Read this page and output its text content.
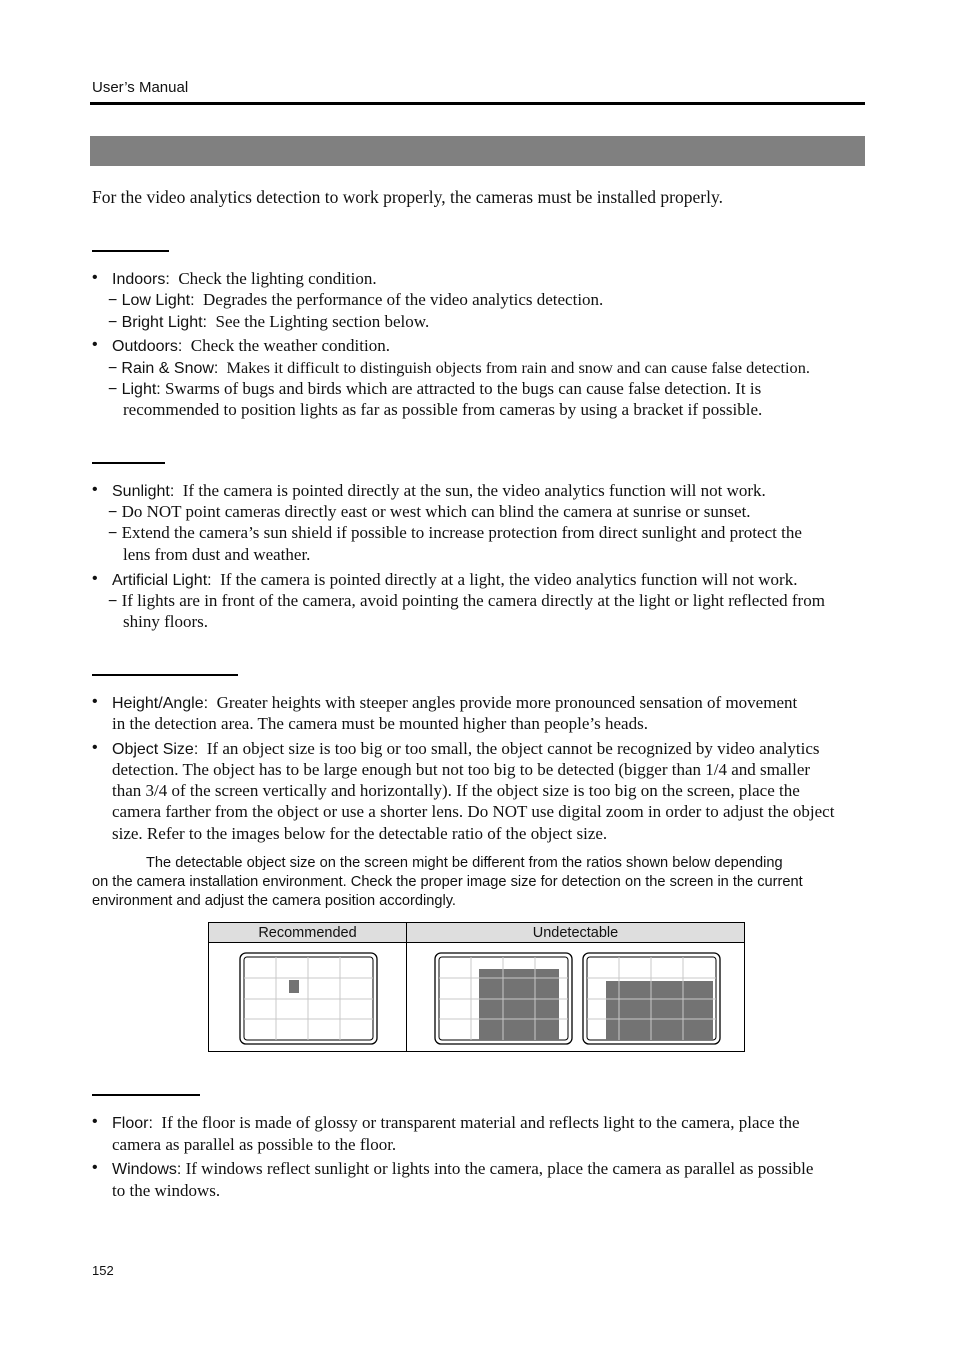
User’s Manual
For the video analytics detection to work properly, the cameras must be installed properly.
• Indoors: Check the lighting condition.
− Low Light: Degrades the performance of the video analytics detection.
− Bright Light: See the Lighting section below.
• Outdoors: Check the weather condition.
− Rain & Snow: Makes it difficult to distinguish objects from rain and snow and can cause false detection.
− Light: Swarms of bugs and birds which are attracted to the bugs can cause false detection. It is
recommended to position lights as far as possible from cameras by using a bracket if possible.
• Sunlight: If the camera is pointed directly at the sun, the video analytics function will not work.
− Do NOT point cameras directly east or west which can blind the camera at sunrise or sunset.
− Extend the camera’s sun shield if possible to increase protection from direct sunlight and protect the
lens from dust and weather.
• Artificial Light: If the camera is pointed directly at a light, the video analytics function will not work.
− If lights are in front of the camera, avoid pointing the camera directly at the light or light reflected from
shiny floors.
• Height/Angle: Greater heights with steeper angles provide more pronounced sensation of movement
in the detection area. The camera must be mounted higher than people’s heads.
• Object Size: If an object size is too big or too small, the object cannot be recognized by video analytics
detection. The object has to be large enough but not too big to be detected (bigger than 1/4 and smaller
than 3/4 of the screen vertically and horizontally). If the object size is too big on the screen, place the
camera farther from the object or use a shorter lens. Do NOT use digital zoom in order to adjust the object
size. Refer to the images below for the detectable ratio of the object size.
The detectable object size on the screen might be different from the ratios shown below depending
on the camera installation environment. Check the proper image size for detection on the screen in the current
environment and adjust the camera position accordingly.
Recommended	Undetectable
• Floor: If the floor is made of glossy or transparent material and reflects light to the camera, place the
camera as parallel as possible to the floor.
• Windows: If windows reflect sunlight or lights into the camera, place the camera as parallel as possible
to the windows.
152
